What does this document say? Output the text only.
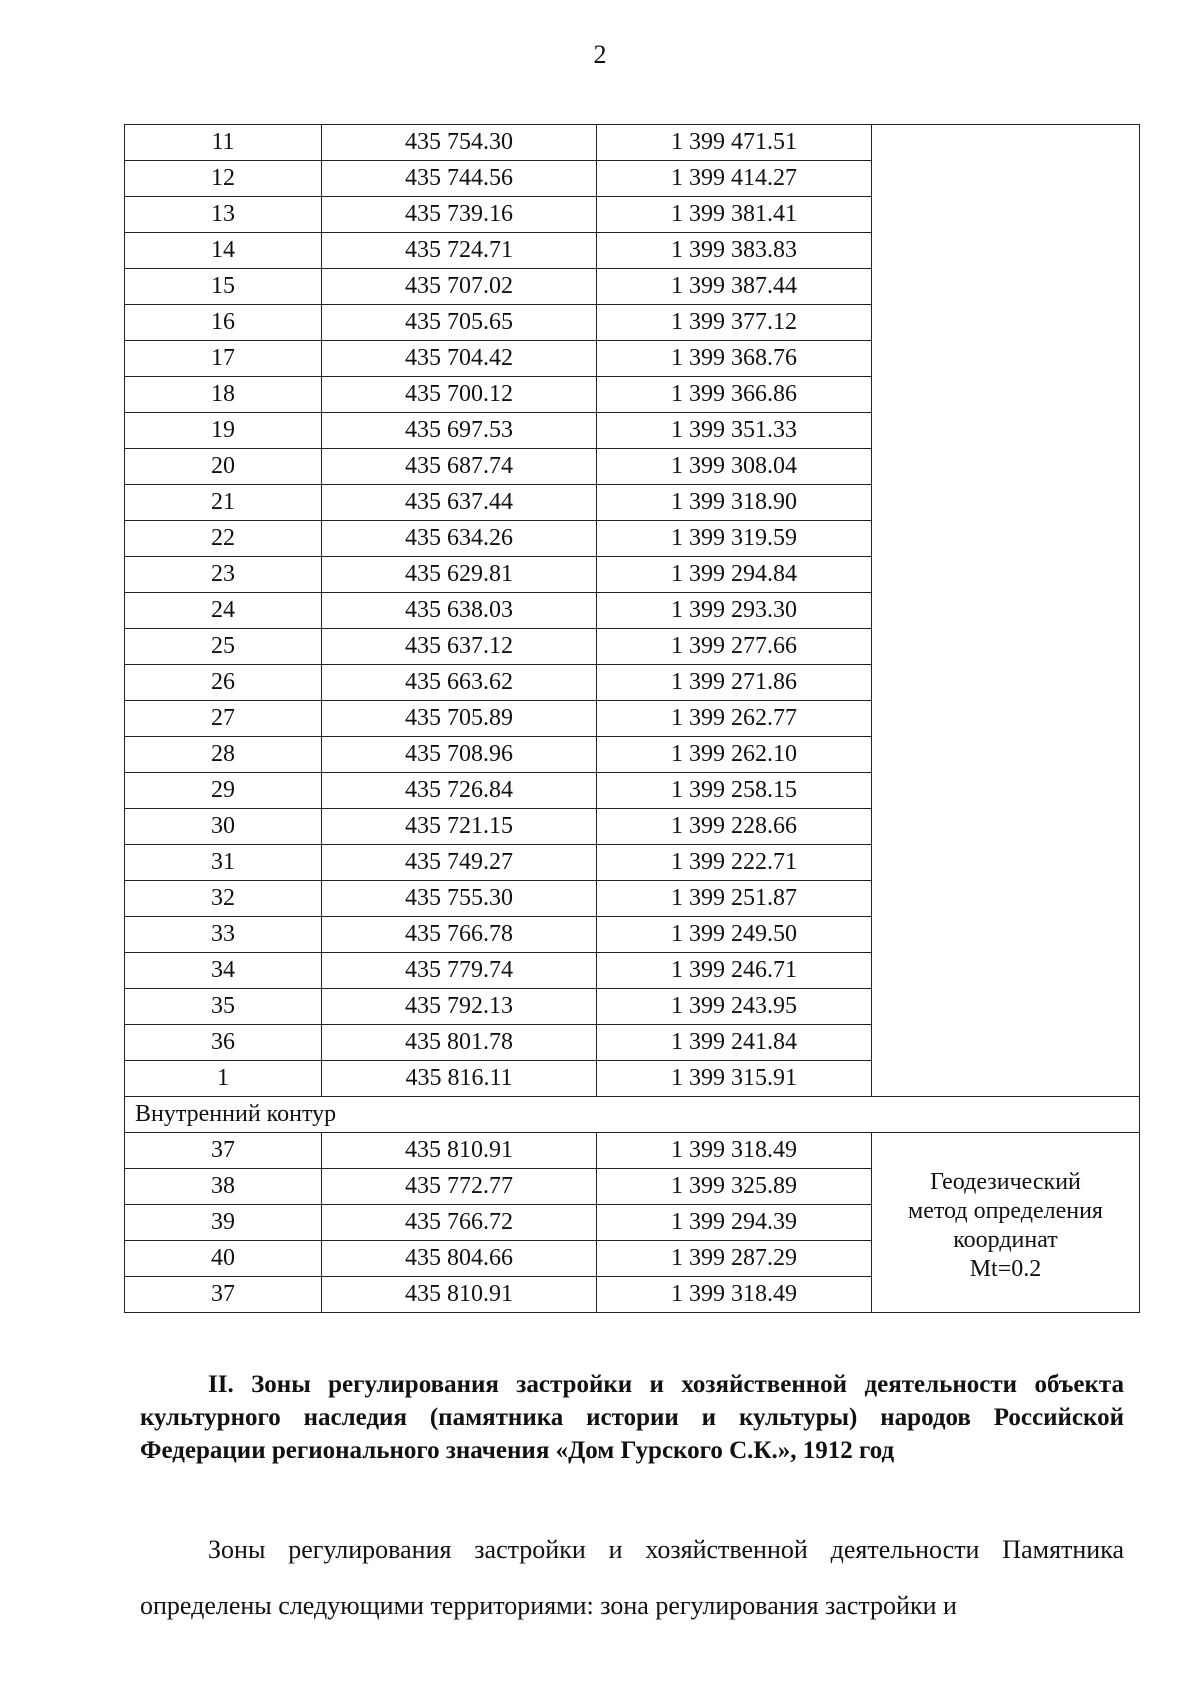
2
11	435 754.30	1 399 471.51	
12	435 744.56	1 399 414.27	
13	435 739.16	1 399 381.41	
14	435 724.71	1 399 383.83	
15	435 707.02	1 399 387.44	
16	435 705.65	1 399 377.12	
17	435 704.42	1 399 368.76	
18	435 700.12	1 399 366.86	
19	435 697.53	1 399 351.33	
20	435 687.74	1 399 308.04	
21	435 637.44	1 399 318.90	
22	435 634.26	1 399 319.59	
23	435 629.81	1 399 294.84	
24	435 638.03	1 399 293.30	
25	435 637.12	1 399 277.66	
26	435 663.62	1 399 271.86	
27	435 705.89	1 399 262.77	
28	435 708.96	1 399 262.10	
29	435 726.84	1 399 258.15	
30	435 721.15	1 399 228.66	
31	435 749.27	1 399 222.71	
32	435 755.30	1 399 251.87	
33	435 766.78	1 399 249.50	
34	435 779.74	1 399 246.71	
35	435 792.13	1 399 243.95	
36	435 801.78	1 399 241.84	
1	435 816.11	1 399 315.91	
Внутренний контур			
37	435 810.91	1 399 318.49	Геодезический
метод определения
координат
Mt=0.2

38	435 772.77	1 399 325.89	
39	435 766.72	1 399 294.39	
40	435 804.66	1 399 287.29	
37	435 810.91	1 399 318.49	
II. Зоны регулирования застройки и хозяйственной деятельности объекта культурного наследия (памятника истории и культуры) народов Российской Федерации регионального значения «Дом Гурского С.К.», 1912 год
Зоны регулирования застройки и хозяйственной деятельности Памятника определены следующими территориями: зона регулирования застройки и
